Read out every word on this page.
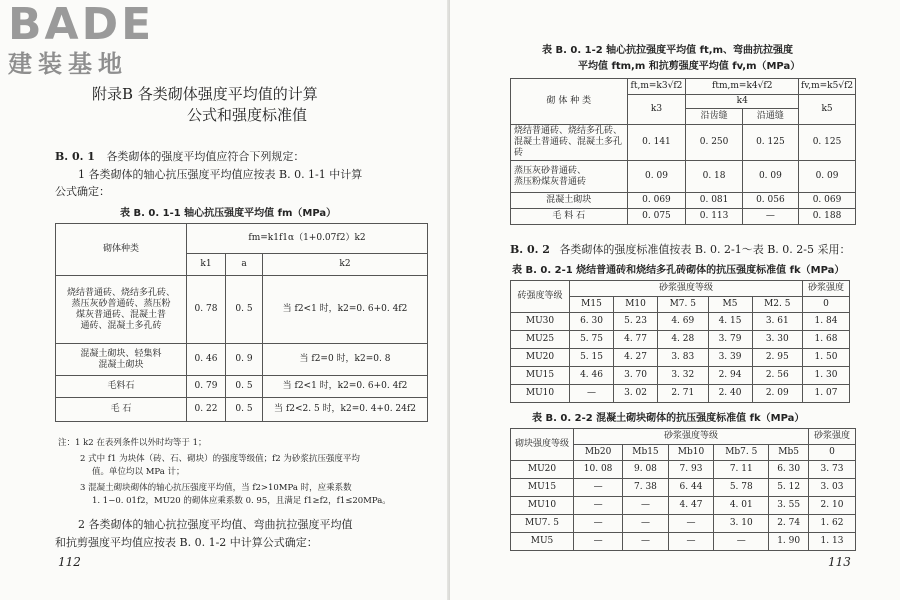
BADE
建装基地
附录B 各类砌体强度平均值的计算
公式和强度标准值
B. 0. 1 各类砌体的强度平均值应符合下列规定：
1 各类砌体的轴心抗压强度平均值应按表 B. 0. 1-1 中计算
公式确定：
表 B. 0. 1-1 轴心抗压强度平均值 fm（MPa）
砌体种类	fm=k1f1α（1+0.07f2）k2		
	k1	a	k2

烧结普通砖、烧结多孔砖、
蒸压灰砂普通砖、蒸压粉
煤灰普通砖、混凝土普
通砖、混凝土多孔砖	0. 78	0. 5	当 f2<1 时，k2=0. 6+0. 4f2

混凝土砌块、轻集料
混凝土砌块	0. 46	0. 9	当 f2=0 时，k2=0. 8
毛料石	0. 79	0. 5	当 f2<1 时，k2=0. 6+0. 4f2
毛 石	0. 22	0. 5	当 f2<2. 5 时，k2=0. 4+0. 24f2
注：1 k2 在表列条件以外时均等于 1；
2 式中 f1 为块体（砖、石、砌块）的强度等级值；f2 为砂浆抗压强度平均
值。单位均以 MPa 计；
3 混凝土砌块砌体的轴心抗压强度平均值，当 f2>10MPa 时，应乘系数
1. 1−0. 01f2，MU20 的砌体应乘系数 0. 95，且满足 f1≥f2，f1≤20MPa。
2 各类砌体的轴心抗拉强度平均值、弯曲抗拉强度平均值
和抗剪强度平均值应按表 B. 0. 1-2 中计算公式确定：
112
表 B. 0. 1-2 轴心抗拉强度平均值 ft,m、弯曲抗拉强度
平均值 ftm,m 和抗剪强度平均值 fv,m（MPa）
砌 体 种 类	ft,m=k3√f2	ftm,m=k4√f2		fv,m=k5√f2
	k3	k4		k5
		沿齿缝	沿通缝	

烧结普通砖、烧结多孔砖、
混凝土普通砖、混凝土多孔砖	0. 141	0. 250	0. 125	0. 125

蒸压灰砂普通砖、
蒸压粉煤灰普通砖	0. 09	0. 18	0. 09	0. 09
混凝土砌块	0. 069	0. 081	0. 056	0. 069
毛 料 石	0. 075	0. 113	—	0. 188
B. 0. 2 各类砌体的强度标准值按表 B. 0. 2-1～表 B. 0. 2-5 采用：
表 B. 0. 2-1 烧结普通砖和烧结多孔砖砌体的抗压强度标准值 fk（MPa）
砖强度等级	砂浆强度等级					砂浆强度
	M15	M10	M7. 5	M5	M2. 5	0
MU30	6. 30	5. 23	4. 69	4. 15	3. 61	1. 84
MU25	5. 75	4. 77	4. 28	3. 79	3. 30	1. 68
MU20	5. 15	4. 27	3. 83	3. 39	2. 95	1. 50
MU15	4. 46	3. 70	3. 32	2. 94	2. 56	1. 30
MU10	—	3. 02	2. 71	2. 40	2. 09	1. 07
表 B. 0. 2-2 混凝土砌块砌体的抗压强度标准值 fk（MPa）
砌块强度等级	砂浆强度等级					砂浆强度
	Mb20	Mb15	Mb10	Mb7. 5	Mb5	0
MU20	10. 08	9. 08	7. 93	7. 11	6. 30	3. 73
MU15	—	7. 38	6. 44	5. 78	5. 12	3. 03
MU10	—	—	4. 47	4. 01	3. 55	2. 10
MU7. 5	—	—	—	3. 10	2. 74	1. 62
MU5	—	—	—	—	1. 90	1. 13
113
